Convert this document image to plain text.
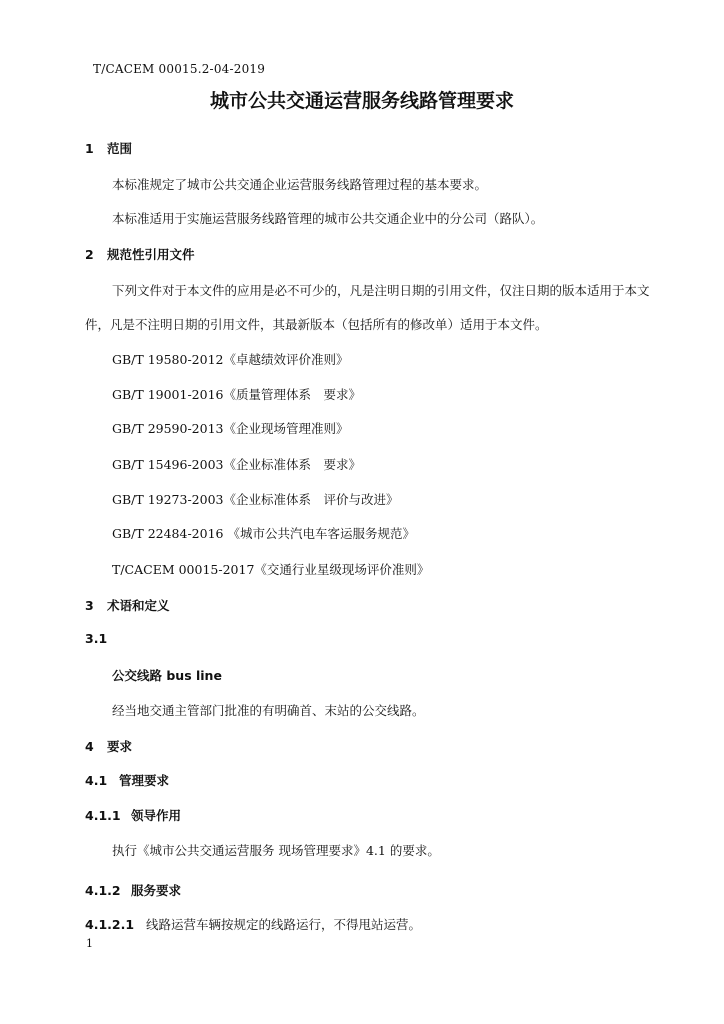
T/CACEM 00015.2-04-2019
城市公共交通运营服务线路管理要求
1 范围
本标准规定了城市公共交通企业运营服务线路管理过程的基本要求。
本标准适用于实施运营服务线路管理的城市公共交通企业中的分公司（路队）。
2 规范性引用文件
下列文件对于本文件的应用是必不可少的，凡是注明日期的引用文件，仅注日期的版本适用于本文
件，凡是不注明日期的引用文件，其最新版本（包括所有的修改单）适用于本文件。
GB/T 19580-2012《卓越绩效评价准则》
GB/T 19001-2016《质量管理体系　要求》
GB/T 29590-2013《企业现场管理准则》
GB/T 15496-2003《企业标准体系　要求》
GB/T 19273-2003《企业标准体系　评价与改进》
GB/T 22484-2016 《城市公共汽电车客运服务规范》
T/CACEM 00015-2017《交通行业星级现场评价准则》
3 术语和定义
3.1
公交线路 bus line
经当地交通主管部门批准的有明确首、末站的公交线路。
4 要求
4.1 管理要求
4.1.1 领导作用
执行《城市公共交通运营服务 现场管理要求》4.1 的要求。
4.1.2 服务要求
4.1.2.1 线路运营车辆按规定的线路运行，不得甩站运营。
1
